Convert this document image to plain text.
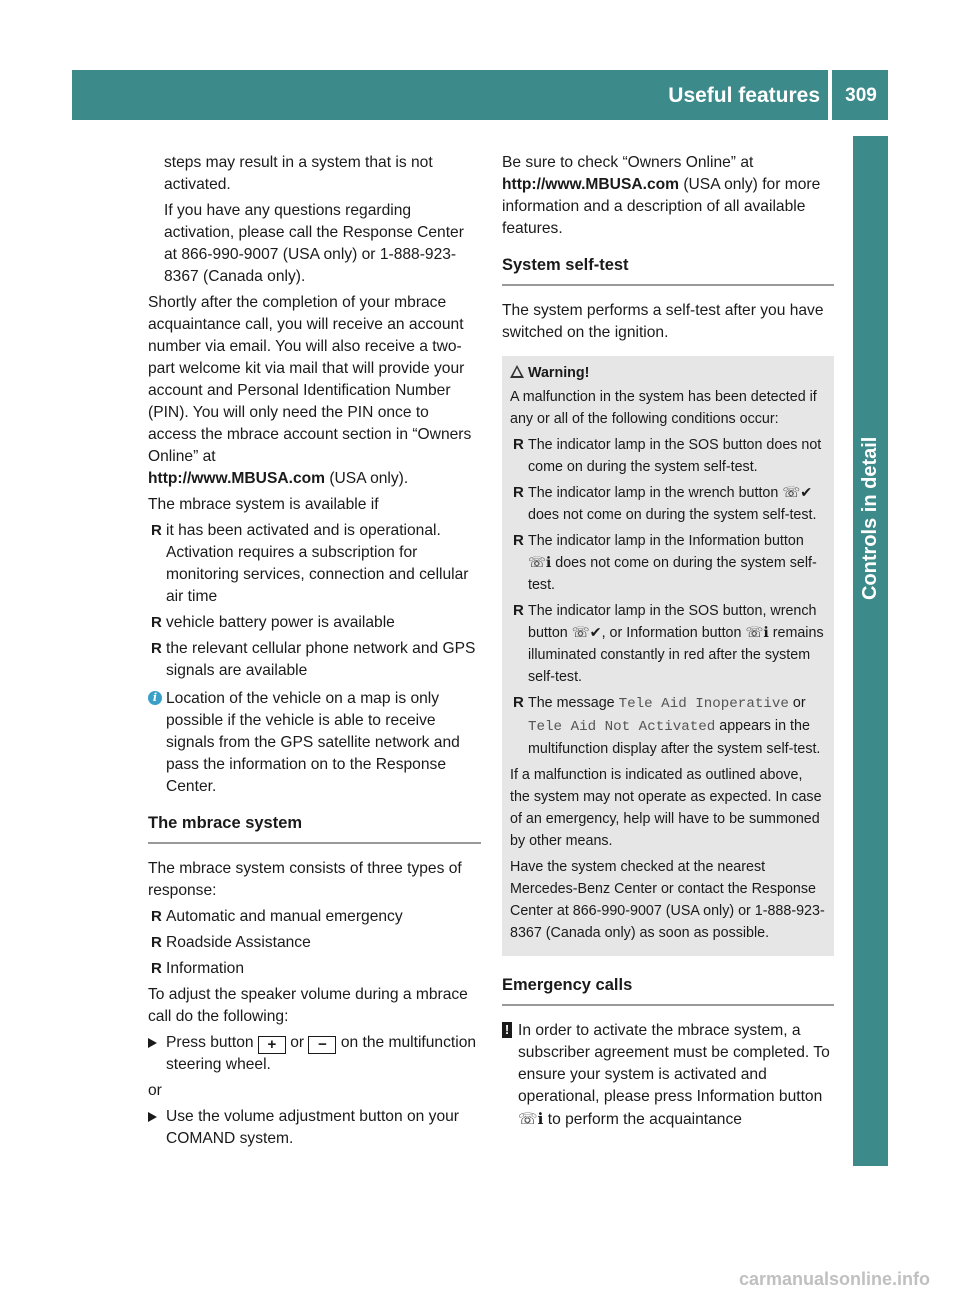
Useful features	309
Controls in detail

steps may result in a system that is not activated.

If you have any questions regarding activation, please call the Response Center at 866-990-9007 (USA only) or 1-888-923-8367 (Canada only).

Shortly after the completion of your mbrace acquaintance call, you will receive an account number via email. You will also receive a two-part welcome kit via mail that will provide your account and Personal Identification Number (PIN). You will only need the PIN once to access the mbrace account section in “Owners Online” at
http://www.MBUSA.com (USA only).

The mbrace system is available if

R it has been activated and is operational. Activation requires a subscription for monitoring services, connection and cellular air time
R vehicle battery power is available
R the relevant cellular phone network and GPS signals are available
i Location of the vehicle on a map is only possible if the vehicle is able to receive signals from the GPS satellite network and pass the information on to the Response Center.
The mbrace system

The mbrace system consists of three types of response:

R Automatic and manual emergency
R Roadside Assistance
R Information

To adjust the speaker volume during a mbrace call do the following:

Press button + or − on the multifunction steering wheel.

or

Use the volume adjustment button on your COMAND system.

Be sure to check “Owners Online” at
http://www.MBUSA.com (USA only) for more information and a description of all available features.

System self-test

The system performs a self-test after you have switched on the ignition.

Warning!

A malfunction in the system has been detected if any or all of the following conditions occur:

R The indicator lamp in the SOS button does not come on during the system self-test.
R The indicator lamp in the wrench button ☏✔ does not come on during the system self-test.
R The indicator lamp in the Information button ☏ℹ does not come on during the system self-test.
R The indicator lamp in the SOS button, wrench button ☏✔, or Information button ☏ℹ remains illuminated constantly in red after the system self-test.
R The message Tele Aid Inoperative or Tele Aid Not Activated appears in the multifunction display after the system self-test.

If a malfunction is indicated as outlined above, the system may not operate as expected. In case of an emergency, help will have to be summoned by other means.

Have the system checked at the nearest Mercedes-Benz Center or contact the Response Center at 866-990-9007 (USA only) or 1-888-923-8367 (Canada only) as soon as possible.

Emergency calls
! In order to activate the mbrace system, a subscriber agreement must be completed. To ensure your system is activated and operational, please press Information button ☏ℹ to perform the acquaintance
carmanualsonline.info
